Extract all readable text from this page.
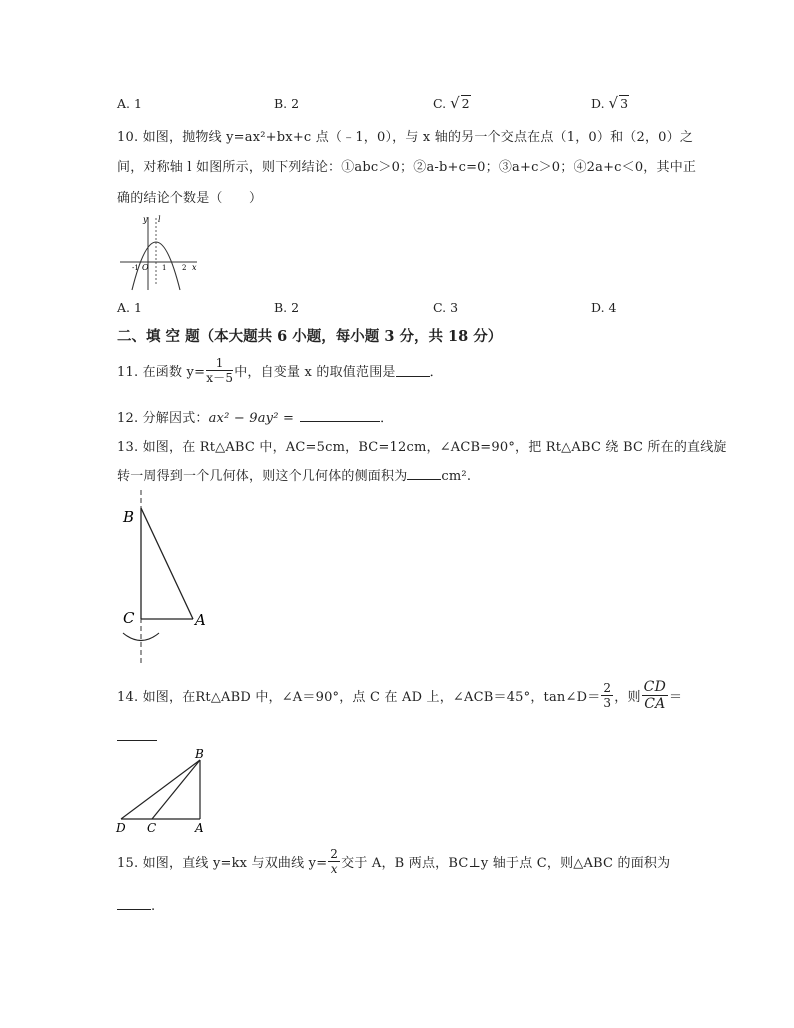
A. 1	B. 2	C. √ 2	D. √ 3
10. 如图，抛物线 y=ax²+bx+c 点（﹣1，0），与 x 轴的另一个交点在点（1，0）和（2，0）之
间，对称轴 l 如图所示，则下列结论：①abc＞0；②a-b+c=0；③a+c＞0；④2a+c＜0，其中正
确的结论个数是（　　）
y l
-1 O 1 2 x
A. 1	B. 2	C. 3	D. 4
二、填 空 题（本大题共 6 小题，每小题 3 分，共 18 分）
11. 在函数 $y= \frac{1}{x-5}$ 中，自变量 x 的取值范围是	．
12. 分解因式：ax² − 9ay² =	．
13. 如图，在 Rt△ABC 中，AC=5cm，BC=12cm，∠ACB=90°，把 Rt△ABC 绕 BC 所在的直线旋
转一周得到一个几何体，则这个几何体的侧面积为	cm².
B
C	A
14. 如图，在Rt△ABD 中，∠A＝90°，点 C 在 AD 上，∠ACB＝45°，tan∠D＝ $\frac{2}{3}$ ，则 $\frac{CD}{CA}$ ＝
B
D C	A
15. 如图，直线 y=kx 与双曲线 $y= \frac{2}{x}$ 交于 A，B 两点，BC⊥y 轴于点 C，则△ABC 的面积为
.
